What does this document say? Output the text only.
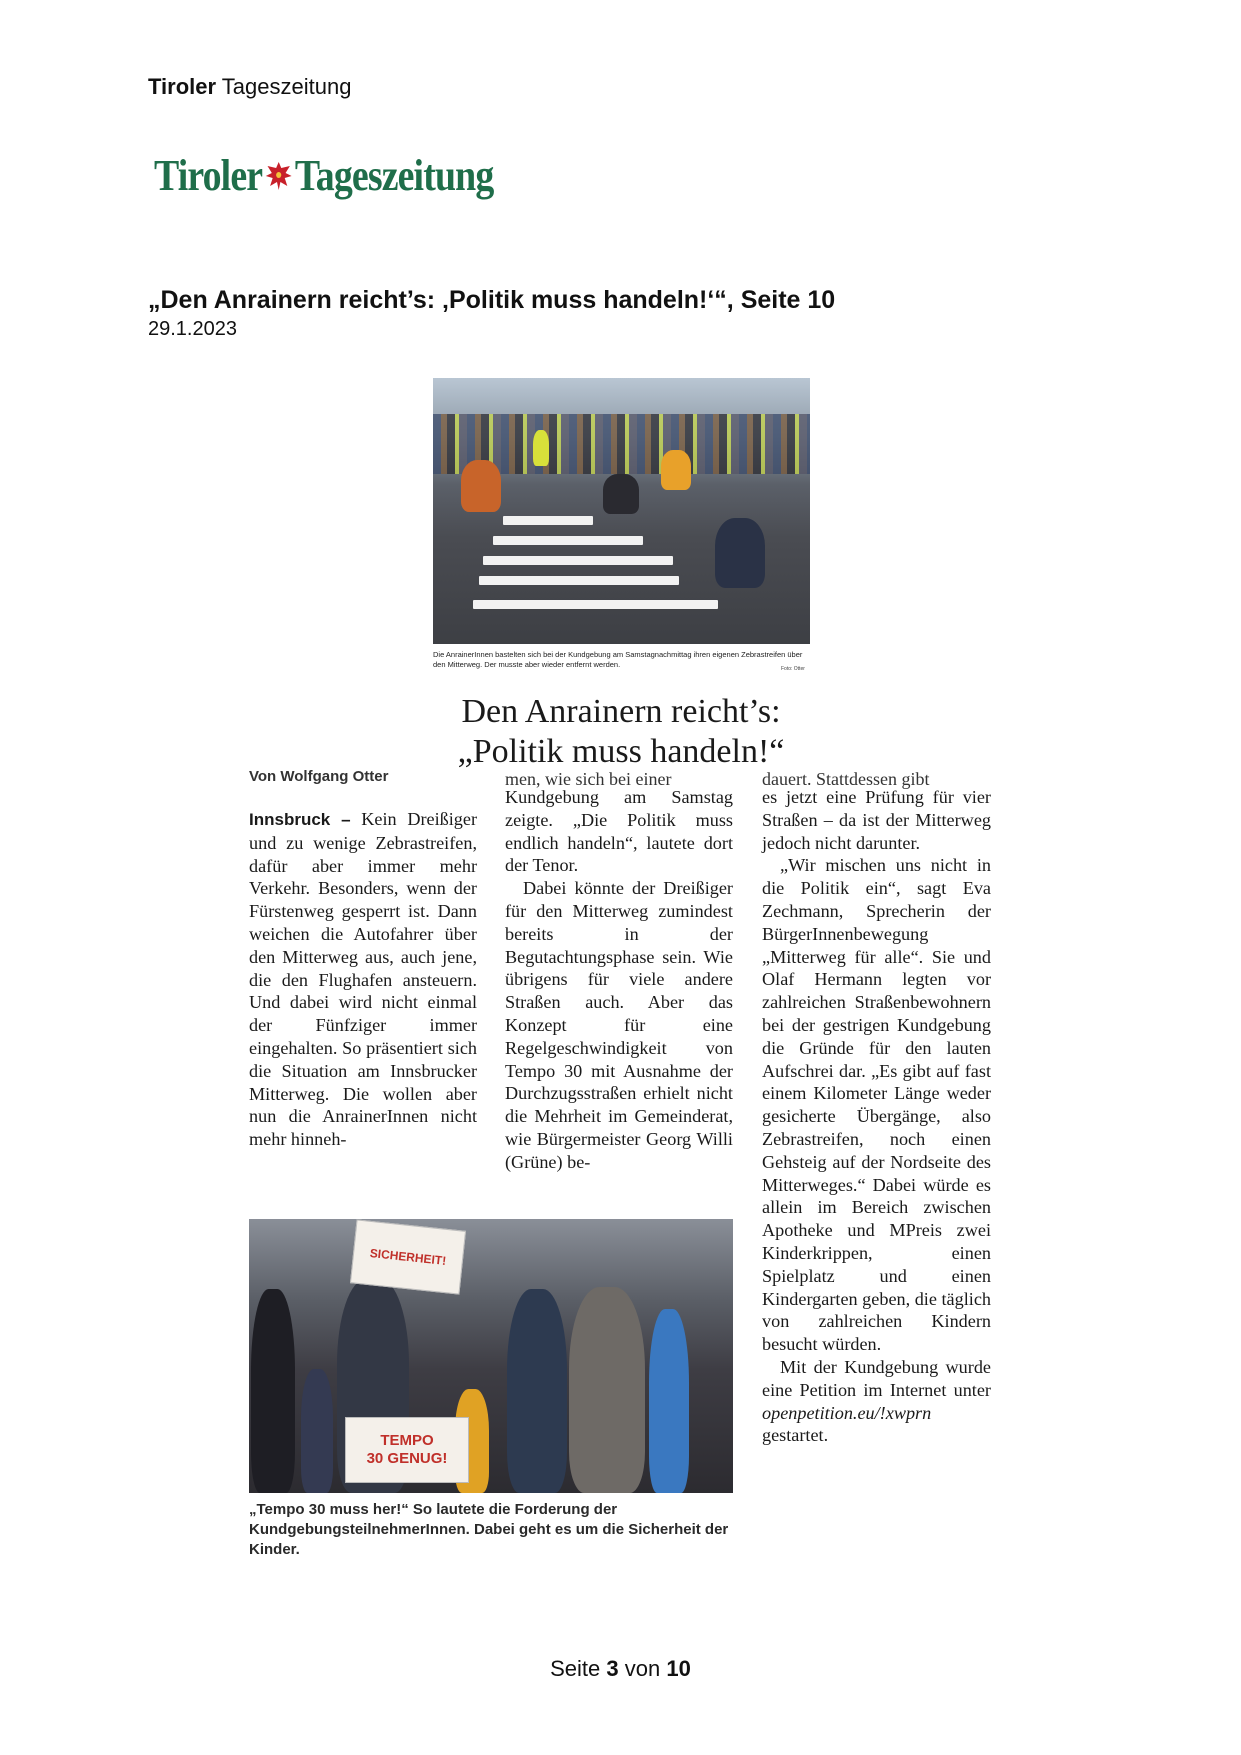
Tiroler Tageszeitung
Tiroler Tageszeitung
„Den Anrainern reicht’s: ‚Politik muss handeln!‘“, Seite 10
29.1.2023
Die AnrainerInnen bastelten sich bei der Kundgebung am Samstagnachmittag ihren eigenen Zebrastreifen über den Mitterweg. Der musste aber wieder entfernt werden.	Foto: Otter
Den Anrainern reicht’s:
„Politik muss handeln!“
Von Wolfgang Otter	men, wie sich bei einer	dauert. Stattdessen gibt

Innsbruck – Kein Dreißiger und zu wenige Zebrastreifen, dafür aber immer mehr Verkehr. Besonders, wenn der Fürstenweg gesperrt ist. Dann weichen die Autofahrer über den Mitterweg aus, auch jene, die den Flughafen ansteuern. Und dabei wird nicht einmal der Fünfziger immer eingehalten. So präsentiert sich die Situation am Innsbrucker Mitterweg. Die wollen aber nun die AnrainerInnen nicht mehr hinneh-

Kundgebung am Samstag zeigte. „Die Politik muss endlich handeln“, lautete dort der Tenor.

Dabei könnte der Dreißiger für den Mitterweg zumindest bereits in der Begutachtungsphase sein. Wie übrigens für viele andere Straßen auch. Aber das Konzept für eine Regelgeschwindigkeit von Tempo 30 mit Ausnahme der Durchzugsstraßen erhielt nicht die Mehrheit im Gemeinderat, wie Bürgermeister Georg Willi (Grüne) be-

es jetzt eine Prüfung für vier Straßen – da ist der Mitterweg jedoch nicht darunter.

„Wir mischen uns nicht in die Politik ein“, sagt Eva Zechmann, Sprecherin der BürgerInnenbewegung „Mitterweg für alle“. Sie und Olaf Hermann legten vor zahlreichen Straßenbewohnern bei der gestrigen Kundgebung die Gründe für den lauten Aufschrei dar. „Es gibt auf fast einem Kilometer Länge weder gesicherte Übergänge, also Zebrastreifen, noch einen Gehsteig auf der Nordseite des Mitterweges.“ Dabei würde es allein im Bereich zwischen Apotheke und MPreis zwei Kinderkrippen, einen Spielplatz und einen Kindergarten geben, die täglich von zahlreichen Kindern besucht würden.

Mit der Kundgebung wurde eine Petition im Internet unter openpetition.eu/!xwprn gestartet.

SICHERHEIT!
TEMPO
30 GENUG!
„Tempo 30 muss her!“ So lautete die Forderung der KundgebungsteilnehmerInnen. Dabei geht es um die Sicherheit der Kinder.
Seite 3 von 10
